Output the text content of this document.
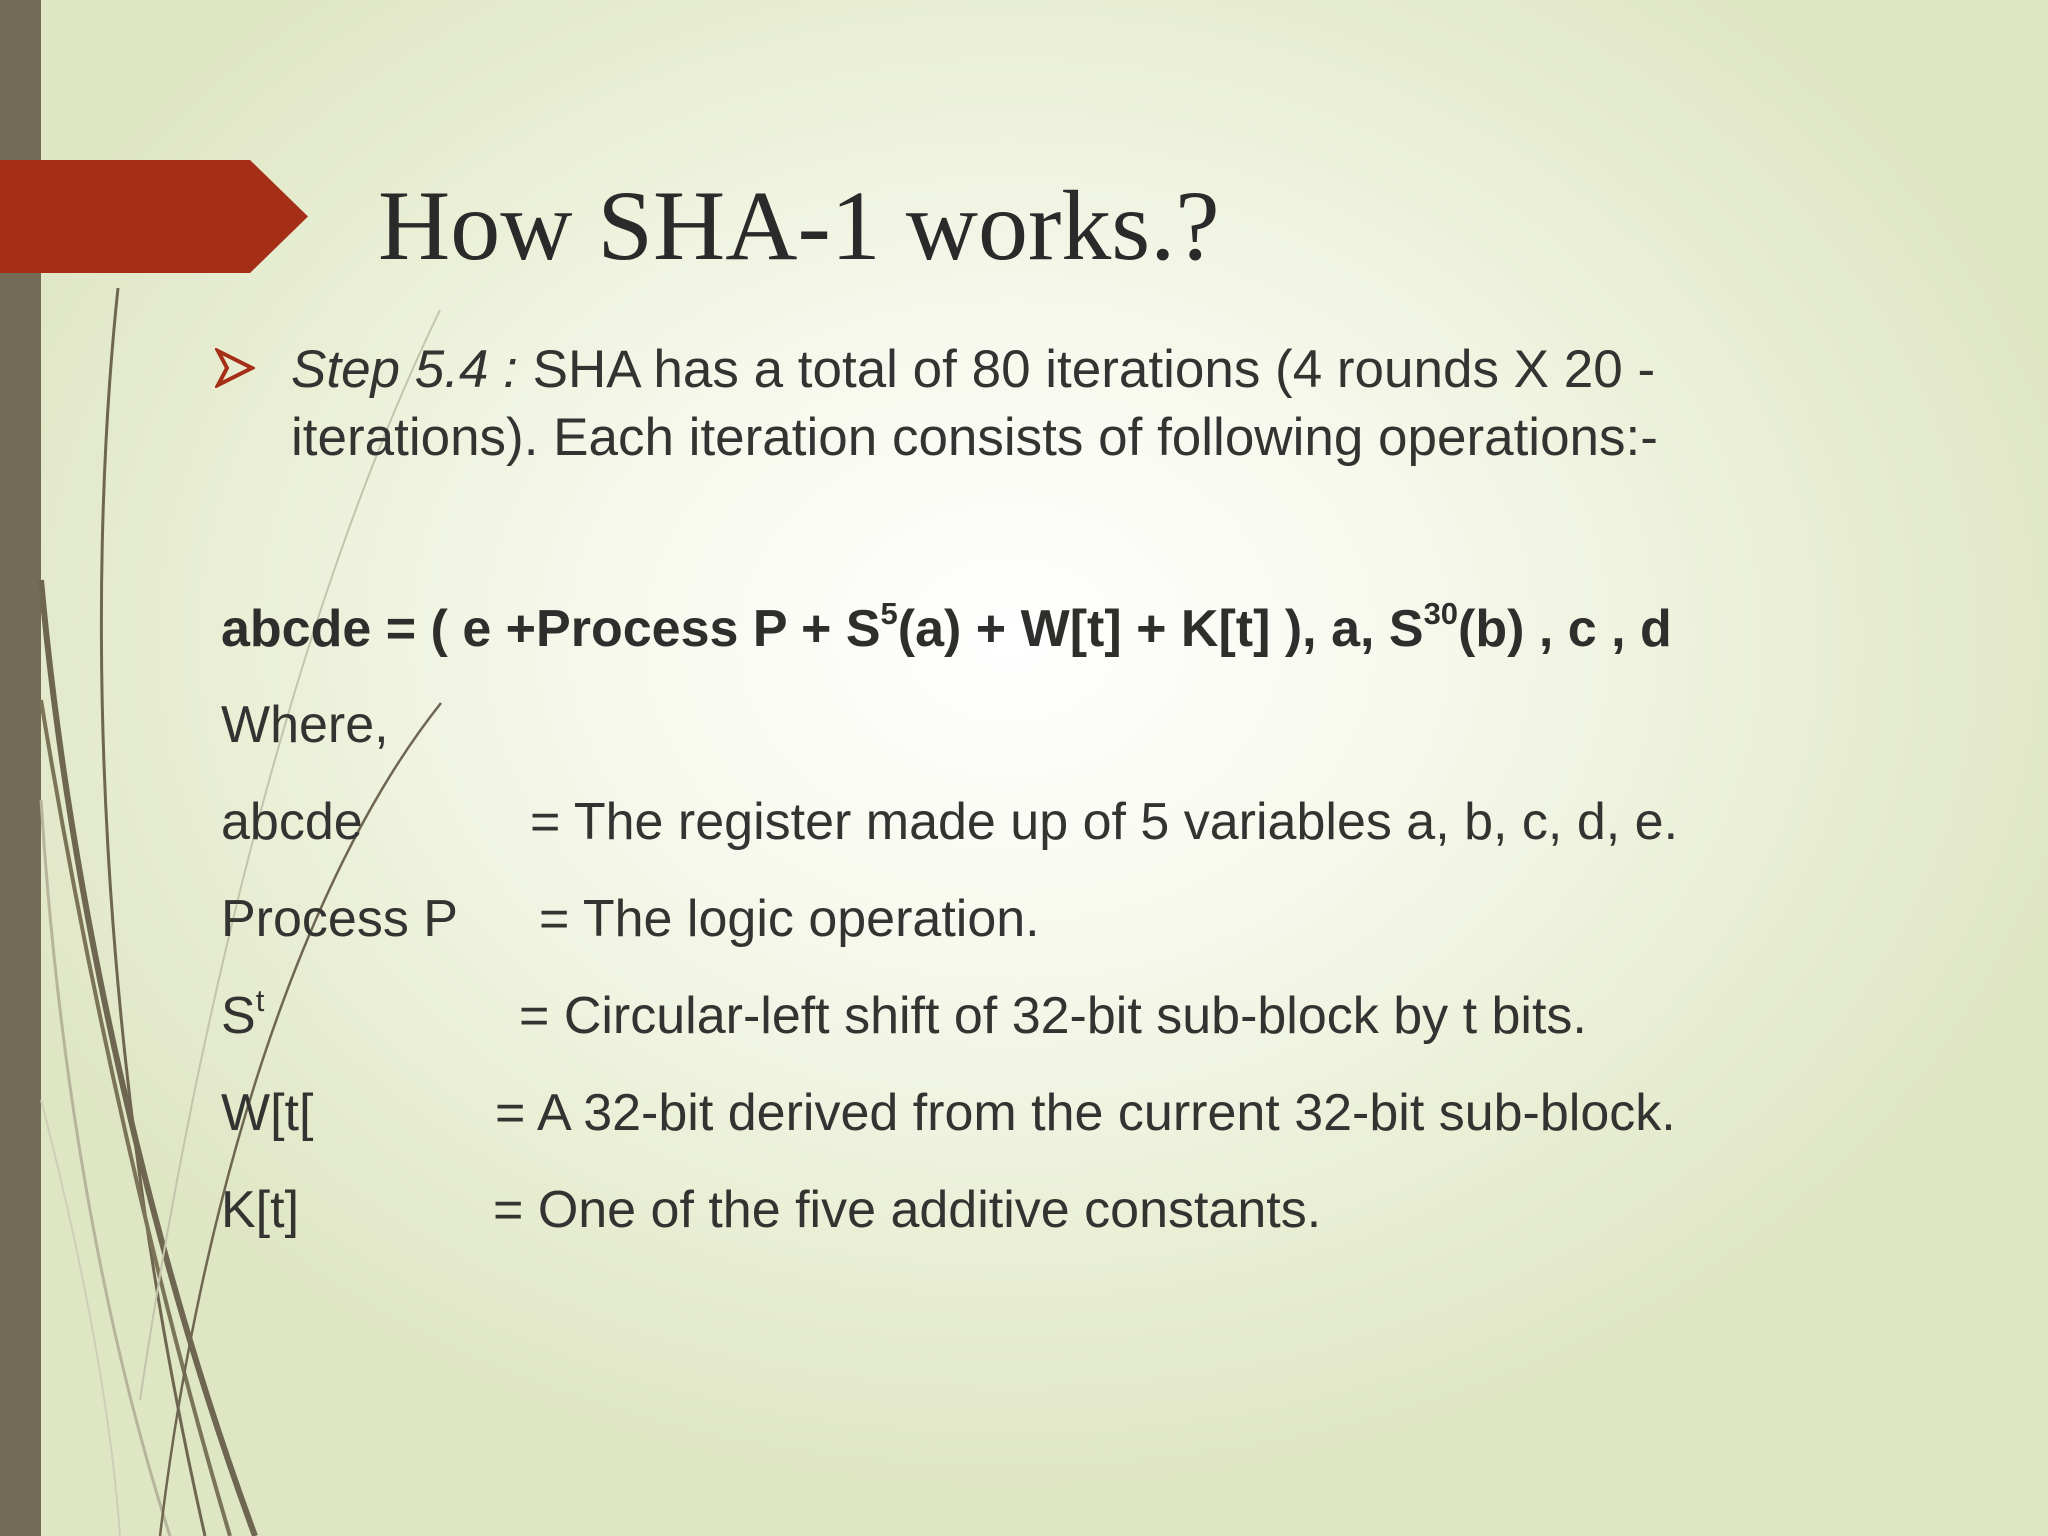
How SHA-1 works.?
Step 5.4 : SHA has a total of 80 iterations (4 rounds X 20 -iterations). Each iteration consists of following operations:-
abcde = ( e +Process $P + S^5(a) + W[t] + K[t]$ ), a, $S^{30}(b)$ , c , d
Where,
abcde	= The register made up of 5 variables a, b, c, d, e.
Process P = The logic operation.
$S^t$	= Circular-left shift of 32-bit sub-block by t bits.
W[t[	= A 32-bit derived from the current 32-bit sub-block.
K[t]	= One of the five additive constants.
